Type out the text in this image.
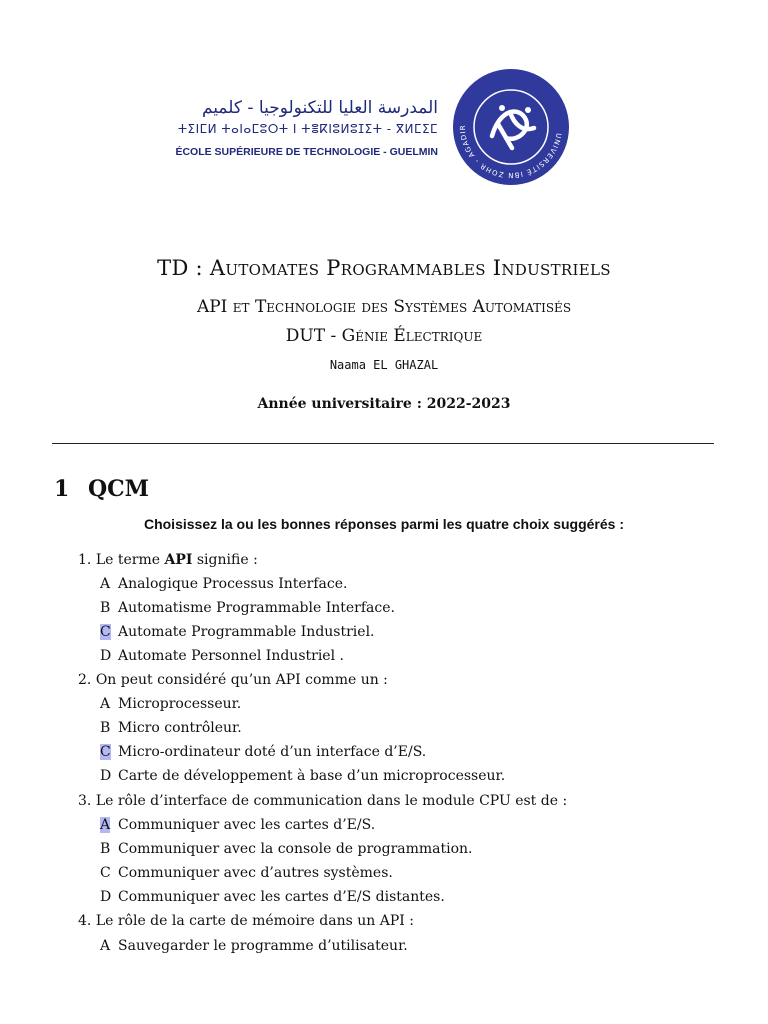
المدرسة العليا للتكنولوجيا - كلميم
ⵜⵉⵏⵎⵍ ⵜⴰⵏⴰⵎⵓⵔⵜ ⵏ ⵜⴻⴽⵏⵓⵍⵓⵊⵉⵜ - ⴳⵍⵎⵉⵎ
ÉCOLE SUPÉRIEURE DE TECHNOLOGIE - GUELMIN
UNIVERSITÉ IBN ZOHR - AGADIR
TD : Automates Programmables Industriels
API et Technologie des Systèmes Automatisés
DUT - Génie Électrique
Naama EL GHAZAL
Année universitaire : 2022-2023
1 QCM
Choisissez la ou les bonnes réponses parmi les quatre choix suggérés :
1. Le terme API signifie :
A Analogique Processus Interface.
B Automatisme Programmable Interface.
C Automate Programmable Industriel.
D Automate Personnel Industriel .
2. On peut considéré qu’un API comme un :
A Microprocesseur.
B Micro contrôleur.
C Micro-ordinateur doté d’un interface d’E/S.
D Carte de développement à base d’un microprocesseur.
3. Le rôle d’interface de communication dans le module CPU est de :
A Communiquer avec les cartes d’E/S.
B Communiquer avec la console de programmation.
C Communiquer avec d’autres systèmes.
D Communiquer avec les cartes d’E/S distantes.
4. Le rôle de la carte de mémoire dans un API :
A Sauvegarder le programme d’utilisateur.
